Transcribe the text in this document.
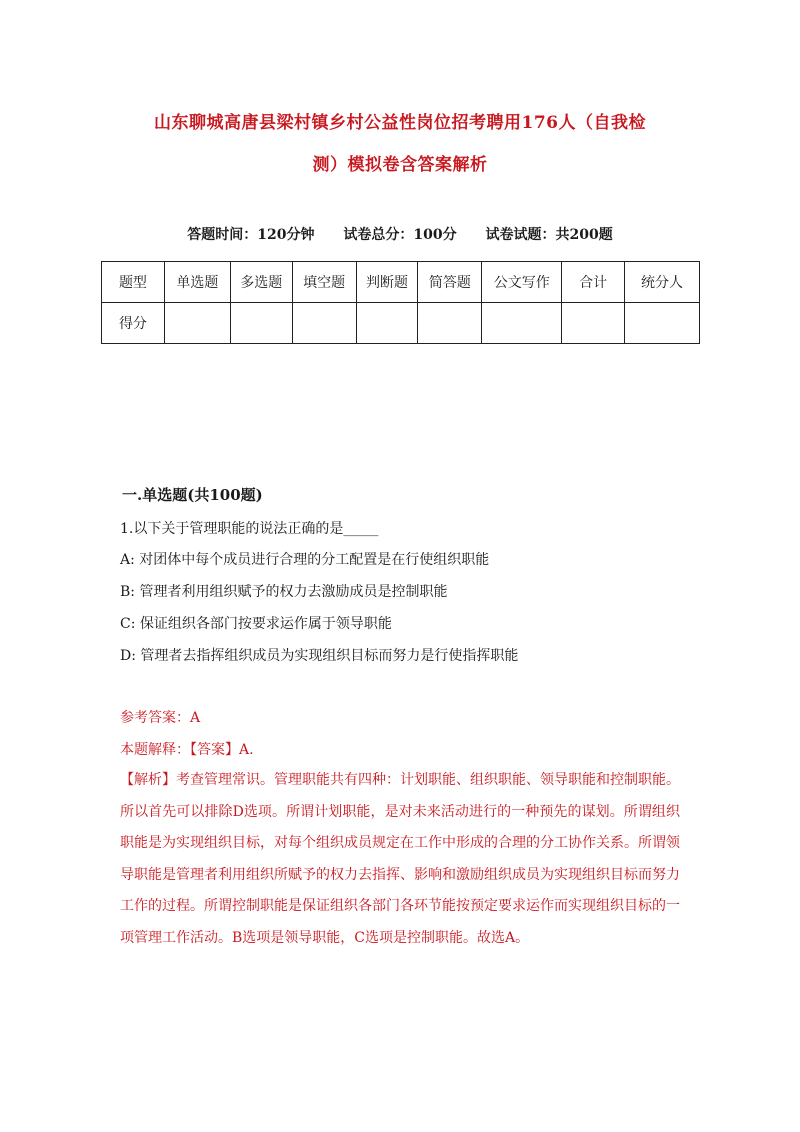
山东聊城高唐县梁村镇乡村公益性岗位招考聘用176人（自我检
测）模拟卷含答案解析
答题时间：120分钟 试卷总分：100分 试卷试题：共200题
题型	单选题	多选题	填空题	判断题	简答题	公文写作	合计	统分人
得分								
一.单选题(共100题)
1.以下关于管理职能的说法正确的是_____
A: 对团体中每个成员进行合理的分工配置是在行使组织职能
B: 管理者利用组织赋予的权力去激励成员是控制职能
C: 保证组织各部门按要求运作属于领导职能
D: 管理者去指挥组织成员为实现组织目标而努力是行使指挥职能
参考答案：A
本题解释：【答案】A.
【解析】考查管理常识。管理职能共有四种：计划职能、组织职能、领导职能和控制职能。所以首先可以排除D选项。所谓计划职能，是对未来活动进行的一种预先的谋划。所谓组织职能是为实现组织目标，对每个组织成员规定在工作中形成的合理的分工协作关系。所谓领导职能是管理者利用组织所赋予的权力去指挥、影响和激励组织成员为实现组织目标而努力工作的过程。所谓控制职能是保证组织各部门各环节能按预定要求运作而实现组织目标的一项管理工作活动。B选项是领导职能，C选项是控制职能。故选A。
